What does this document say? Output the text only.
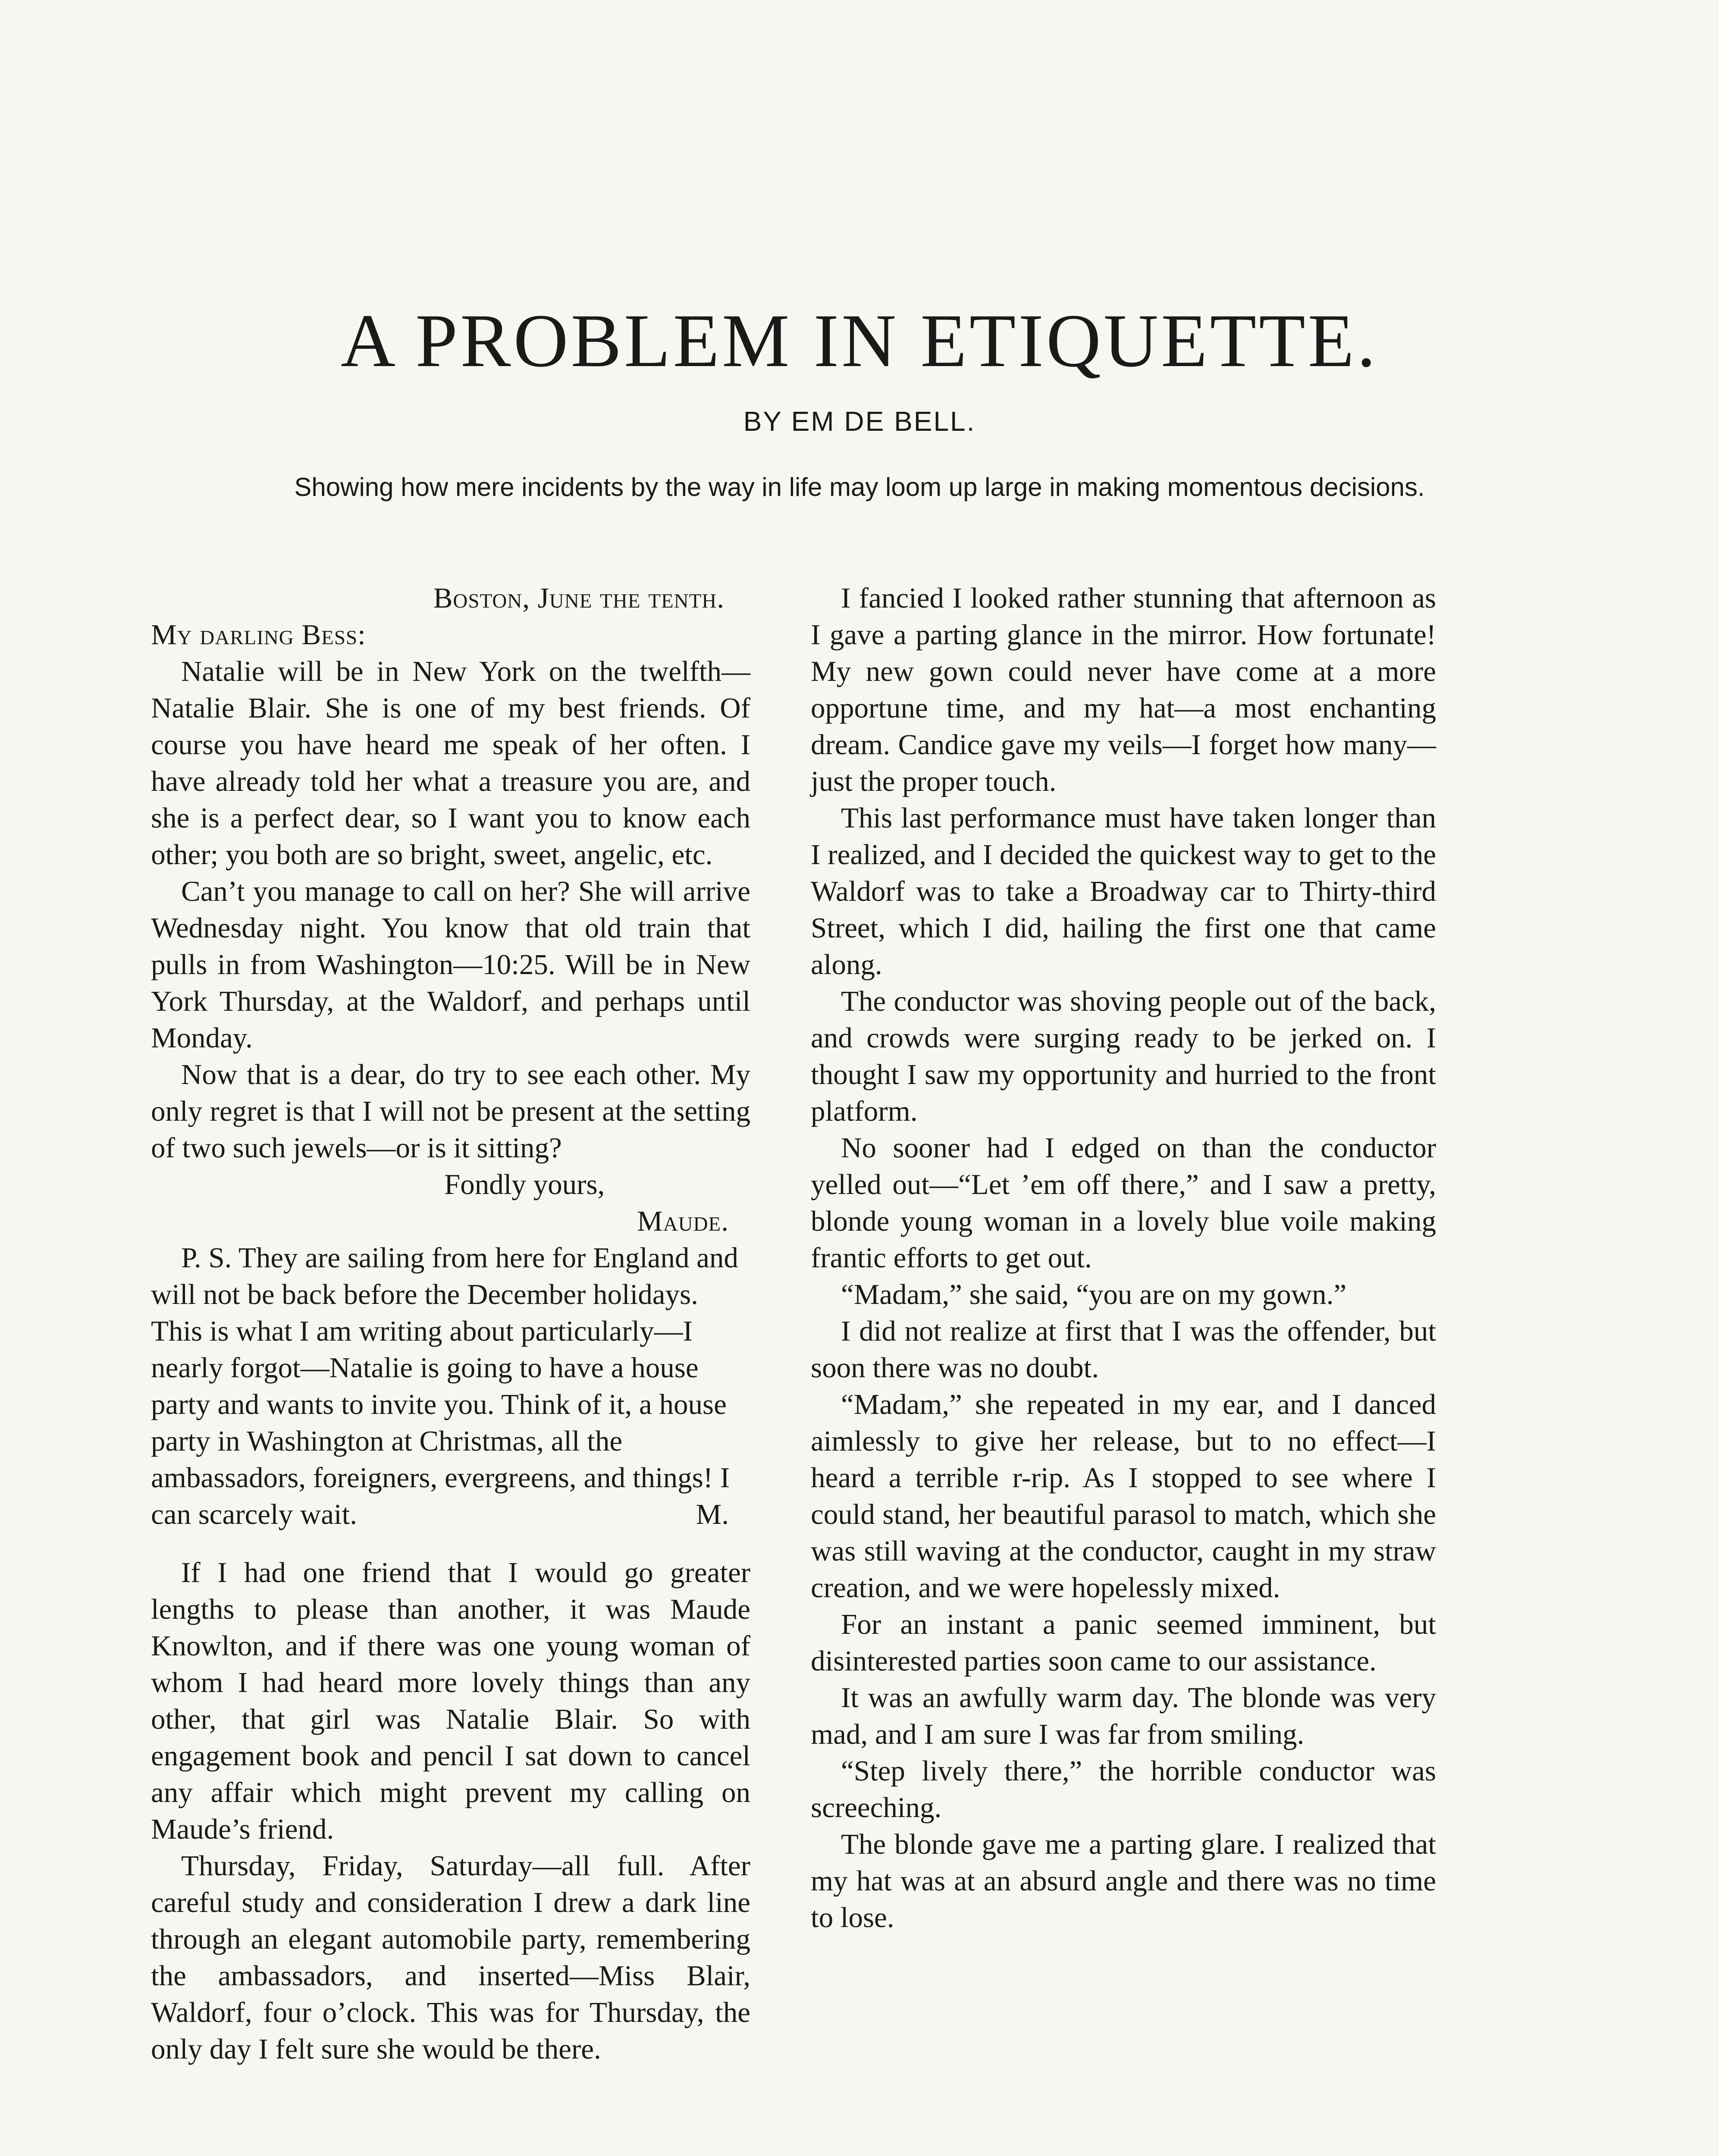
A PROBLEM IN ETIQUETTE.
BY EM DE BELL.
Showing how mere incidents by the way in life may loom up large in making momentous decisions.

Boston, June the tenth.

My darling Bess:

Natalie will be in New York on the twelfth—Natalie Blair. She is one of my best friends. Of course you have heard me speak of her often. I have already told her what a treasure you are, and she is a perfect dear, so I want you to know each other; you both are so bright, sweet, angelic, etc.

Can’t you manage to call on her? She will arrive Wednesday night. You know that old train that pulls in from Washington—10:25. Will be in New York Thursday, at the Waldorf, and perhaps until Monday.

Now that is a dear, do try to see each other. My only regret is that I will not be present at the setting of two such jewels—or is it sitting?

Fondly yours,

Maude.

P. S. They are sailing from here for England and will not be back before the December holidays. This is what I am writing about particularly—I nearly forgot—Natalie is going to have a house party and wants to invite you. Think of it, a house party in Washington at Christmas, all the ambassadors, foreigners, evergreens, and things! I can scarcely wait.	M.

If I had one friend that I would go greater lengths to please than another, it was Maude Knowlton, and if there was one young woman of whom I had heard more lovely things than any other, that girl was Natalie Blair. So with engagement book and pencil I sat down to cancel any affair which might prevent my calling on Maude’s friend.

Thursday, Friday, Saturday—all full. After careful study and consideration I drew a dark line through an elegant automobile party, remembering the ambassadors, and inserted—Miss Blair, Waldorf, four o’clock. This was for Thursday, the only day I felt sure she would be there.

I fancied I looked rather stunning that afternoon as I gave a parting glance in the mirror. How fortunate! My new gown could never have come at a more opportune time, and my hat—a most enchanting dream. Candice gave my veils—I forget how many—just the proper touch.

This last performance must have taken longer than I realized, and I decided the quickest way to get to the Waldorf was to take a Broadway car to Thirty-third Street, which I did, hailing the first one that came along.

The conductor was shoving people out of the back, and crowds were surging ready to be jerked on. I thought I saw my opportunity and hurried to the front platform.

No sooner had I edged on than the conductor yelled out—“Let ’em off there,” and I saw a pretty, blonde young woman in a lovely blue voile making frantic efforts to get out.

“Madam,” she said, “you are on my gown.”

I did not realize at first that I was the offender, but soon there was no doubt.

“Madam,” she repeated in my ear, and I danced aimlessly to give her release, but to no effect—I heard a terrible r-rip. As I stopped to see where I could stand, her beautiful parasol to match, which she was still waving at the conductor, caught in my straw creation, and we were hopelessly mixed.

For an instant a panic seemed imminent, but disinterested parties soon came to our assistance.

It was an awfully warm day. The blonde was very mad, and I am sure I was far from smiling.

“Step lively there,” the horrible conductor was screeching.

The blonde gave me a parting glare. I realized that my hat was at an absurd angle and there was no time to lose.
